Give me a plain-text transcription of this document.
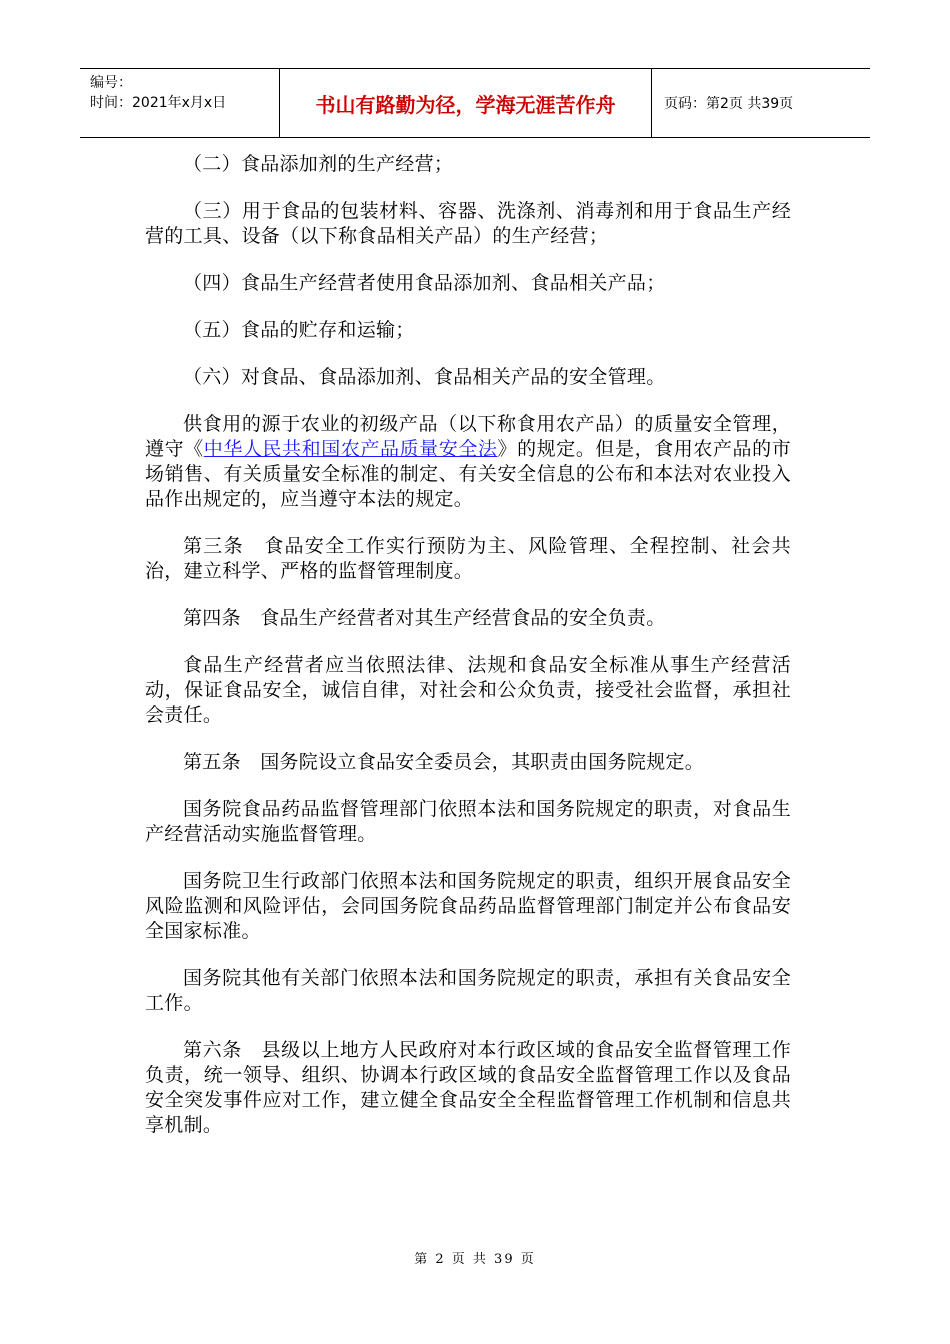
编号：
时间：2021年x月x日	书山有路勤为径，学海无涯苦作舟	页码：第2页 共39页

（二）食品添加剂的生产经营；

（三）用于食品的包装材料、容器、洗涤剂、消毒剂和用于食品生产经营的工具、设备（以下称食品相关产品）的生产经营；

（四）食品生产经营者使用食品添加剂、食品相关产品；

（五）食品的贮存和运输；

（六）对食品、食品添加剂、食品相关产品的安全管理。

供食用的源于农业的初级产品（以下称食用农产品）的质量安全管理，遵守《中华人民共和国农产品质量安全法》的规定。但是，食用农产品的市场销售、有关质量安全标准的制定、有关安全信息的公布和本法对农业投入品作出规定的，应当遵守本法的规定。

第三条　食品安全工作实行预防为主、风险管理、全程控制、社会共治，建立科学、严格的监督管理制度。

第四条　食品生产经营者对其生产经营食品的安全负责。

食品生产经营者应当依照法律、法规和食品安全标准从事生产经营活动，保证食品安全，诚信自律，对社会和公众负责，接受社会监督，承担社会责任。

第五条　国务院设立食品安全委员会，其职责由国务院规定。

国务院食品药品监督管理部门依照本法和国务院规定的职责，对食品生产经营活动实施监督管理。

国务院卫生行政部门依照本法和国务院规定的职责，组织开展食品安全风险监测和风险评估，会同国务院食品药品监督管理部门制定并公布食品安全国家标准。

国务院其他有关部门依照本法和国务院规定的职责，承担有关食品安全工作。

第六条　县级以上地方人民政府对本行政区域的食品安全监督管理工作负责，统一领导、组织、协调本行政区域的食品安全监督管理工作以及食品安全突发事件应对工作，建立健全食品安全全程监督管理工作机制和信息共享机制。

第 2 页 共 39 页
